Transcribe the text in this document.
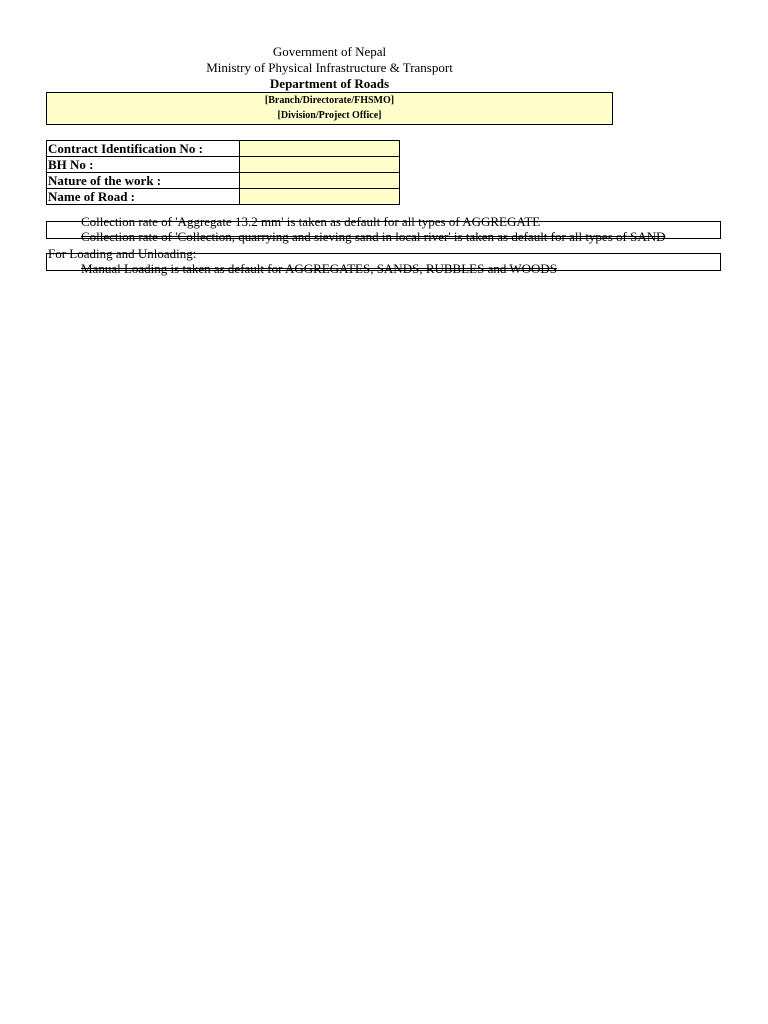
Government of Nepal
Ministry of Physical Infrastructure & Transport
Department of Roads
[Branch/Directorate/FHSMO]
[Division/Project Office]
Contract Identification No :	
BH No :	
Nature of the work :	
Name of Road :	
Collection rate of 'Aggregate 13.2 mm' is taken as default for all types of AGGREGATE
Collection rate of 'Collection, quarrying and sieving sand in local river' is taken as default for all types of SAND
For Loading and Unloading:
Manual Loading is taken as default for AGGREGATES, SANDS, RUBBLES and WOODS
